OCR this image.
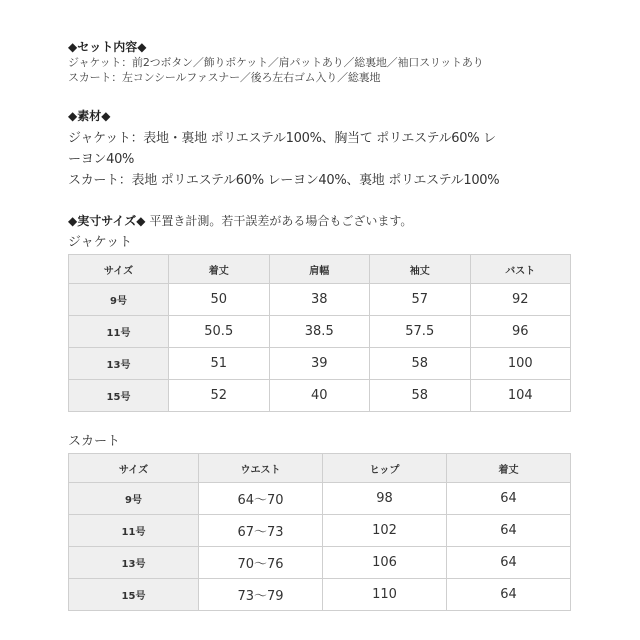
◆セット内容◆
ジャケット：前2つボタン／飾りポケット／肩パットあり／総裏地／袖口スリットあり
スカート：左コンシールファスナー／後ろ左右ゴム入り／総裏地
◆素材◆
ジャケット：表地・裏地 ポリエステル100%、胸当て ポリエステル60% レ
ーヨン40%
スカート：表地 ポリエステル60% レーヨン40%、裏地 ポリエステル100%
◆実寸サイズ◆ 平置き計測。若干誤差がある場合もございます。
ジャケット
サイズ	着丈	肩幅	袖丈	バスト
9号	50	38	57	92
11号	50.5	38.5	57.5	96
13号	51	39	58	100
15号	52	40	58	104
スカート
サイズ	ウエスト	ヒップ	着丈
9号	64〜70	98	64
11号	67〜73	102	64
13号	70〜76	106	64
15号	73〜79	110	64
